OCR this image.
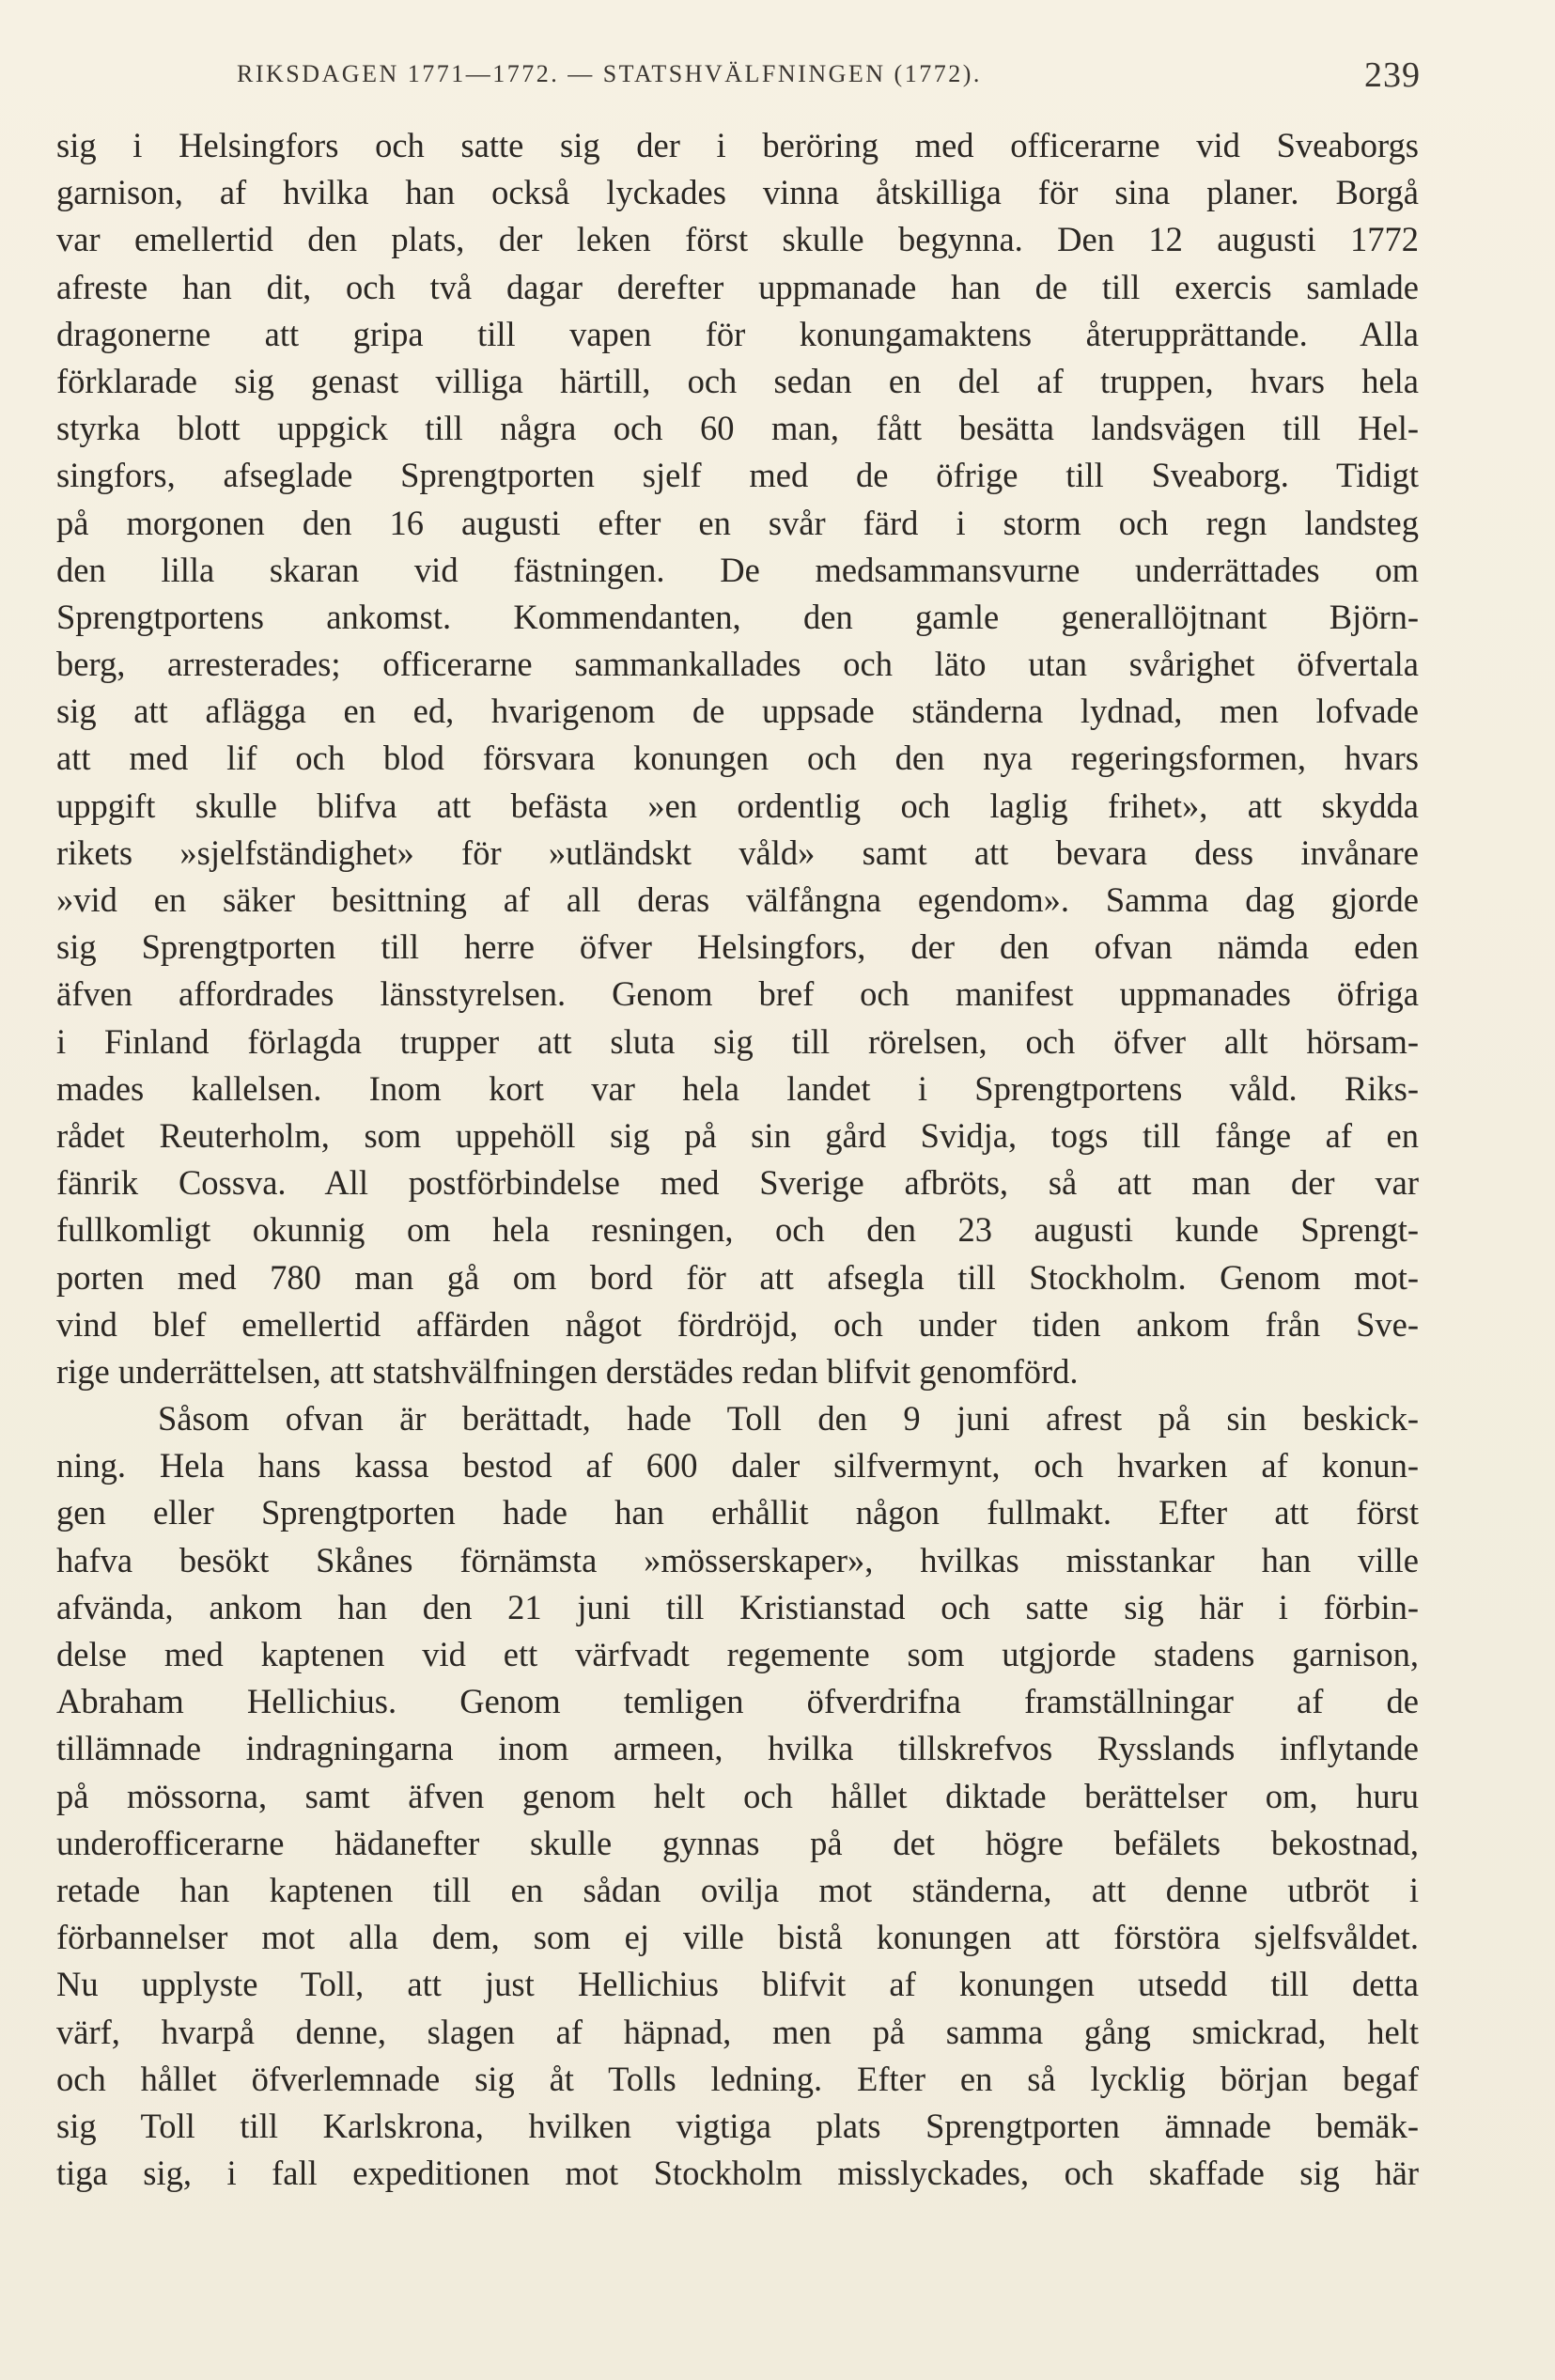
RIKSDAGEN 1771—1772. — STATSHVÄLFNINGEN (1772).	239
sig i Helsingfors och satte sig der i beröring med officerarne vid Sveaborgs
garnison, af hvilka han också lyckades vinna åtskilliga för sina planer. Borgå
var emellertid den plats, der leken först skulle begynna. Den 12 augusti 1772
afreste han dit, och två dagar derefter uppmanade han de till exercis samlade
dragonerne att gripa till vapen för konungamaktens återupprättande. Alla
förklarade sig genast villiga härtill, och sedan en del af truppen, hvars hela
styrka blott uppgick till några och 60 man, fått besätta landsvägen till Hel-
singfors, afseglade Sprengtporten sjelf med de öfrige till Sveaborg. Tidigt
på morgonen den 16 augusti efter en svår färd i storm och regn landsteg
den lilla skaran vid fästningen. De medsammansvurne underrättades om
Sprengtportens ankomst. Kommendanten, den gamle generallöjtnant Björn-
berg, arresterades; officerarne sammankallades och läto utan svårighet öfvertala
sig att aflägga en ed, hvarigenom de uppsade ständerna lydnad, men lofvade
att med lif och blod försvara konungen och den nya regeringsformen, hvars
uppgift skulle blifva att befästa »en ordentlig och laglig frihet», att skydda
rikets »sjelfständighet» för »utländskt våld» samt att bevara dess invånare
»vid en säker besittning af all deras välfångna egendom». Samma dag gjorde
sig Sprengtporten till herre öfver Helsingfors, der den ofvan nämda eden
äfven affordrades länsstyrelsen. Genom bref och manifest uppmanades öfriga
i Finland förlagda trupper att sluta sig till rörelsen, och öfver allt hörsam-
mades kallelsen. Inom kort var hela landet i Sprengtportens våld. Riks-
rådet Reuterholm, som uppehöll sig på sin gård Svidja, togs till fånge af en
fänrik Cossva. All postförbindelse med Sverige afbröts, så att man der var
fullkomligt okunnig om hela resningen, och den 23 augusti kunde Sprengt-
porten med 780 man gå om bord för att afsegla till Stockholm. Genom mot-
vind blef emellertid affärden något fördröjd, och under tiden ankom från Sve-
rige underrättelsen, att statshvälfningen derstädes redan blifvit genomförd.
Såsom ofvan är berättadt, hade Toll den 9 juni afrest på sin beskick-
ning. Hela hans kassa bestod af 600 daler silfvermynt, och hvarken af konun-
gen eller Sprengtporten hade han erhållit någon fullmakt. Efter att först
hafva besökt Skånes förnämsta »mösserskaper», hvilkas misstankar han ville
afvända, ankom han den 21 juni till Kristianstad och satte sig här i förbin-
delse med kaptenen vid ett värfvadt regemente som utgjorde stadens garnison,
Abraham Hellichius. Genom temligen öfverdrifna framställningar af de
tillämnade indragningarna inom armeen, hvilka tillskrefvos Rysslands inflytande
på mössorna, samt äfven genom helt och hållet diktade berättelser om, huru
underofficerarne hädanefter skulle gynnas på det högre befälets bekostnad,
retade han kaptenen till en sådan ovilja mot ständerna, att denne utbröt i
förbannelser mot alla dem, som ej ville bistå konungen att förstöra sjelfsvåldet.
Nu upplyste Toll, att just Hellichius blifvit af konungen utsedd till detta
värf, hvarpå denne, slagen af häpnad, men på samma gång smickrad, helt
och hållet öfverlemnade sig åt Tolls ledning. Efter en så lycklig början begaf
sig Toll till Karlskrona, hvilken vigtiga plats Sprengtporten ämnade bemäk-
tiga sig, i fall expeditionen mot Stockholm misslyckades, och skaffade sig här
